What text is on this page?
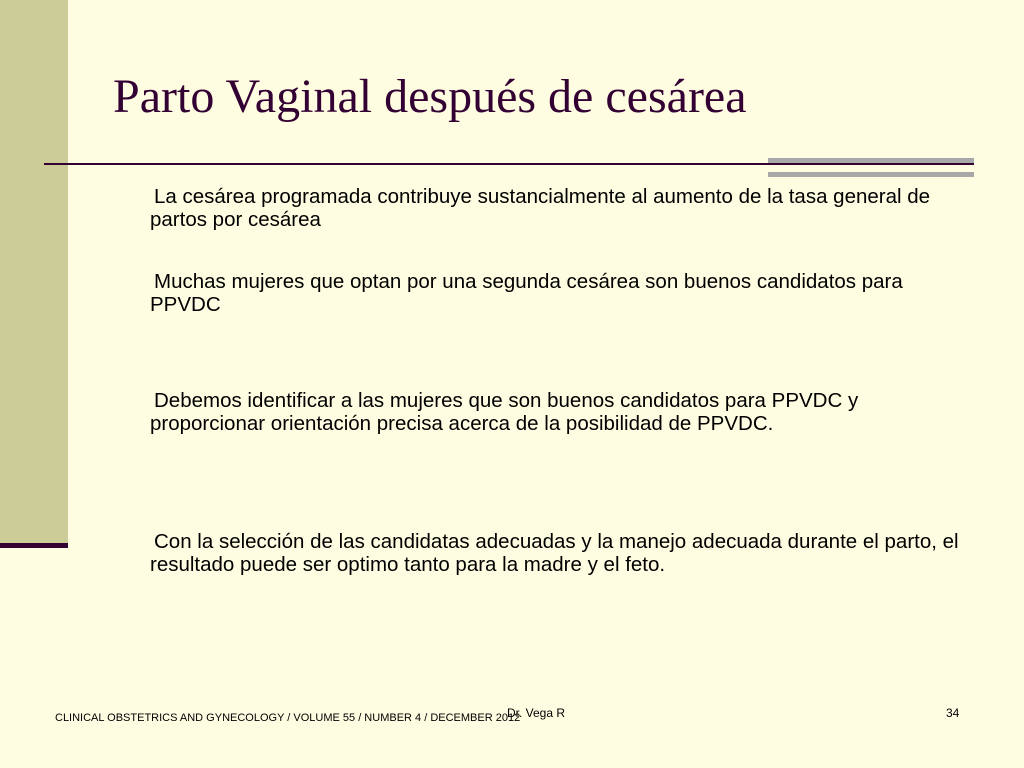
Parto Vaginal después de cesárea

La cesárea programada contribuye sustancialmente al aumento de la tasa general de partos por cesárea

Muchas mujeres que optan por una segunda cesárea son buenos candidatos para PPVDC

Debemos identificar a las mujeres que son buenos candidatos para PPVDC y proporcionar orientación precisa acerca de la posibilidad de PPVDC.

Con la selección de las candidatas adecuadas y la manejo adecuada durante el parto, el resultado puede ser optimo tanto para la madre y el feto.

CLINICAL OBSTETRICS AND GYNECOLOGY / VOLUME 55 / NUMBER 4 / DECEMBER 2012
Dr. Vega R	34
